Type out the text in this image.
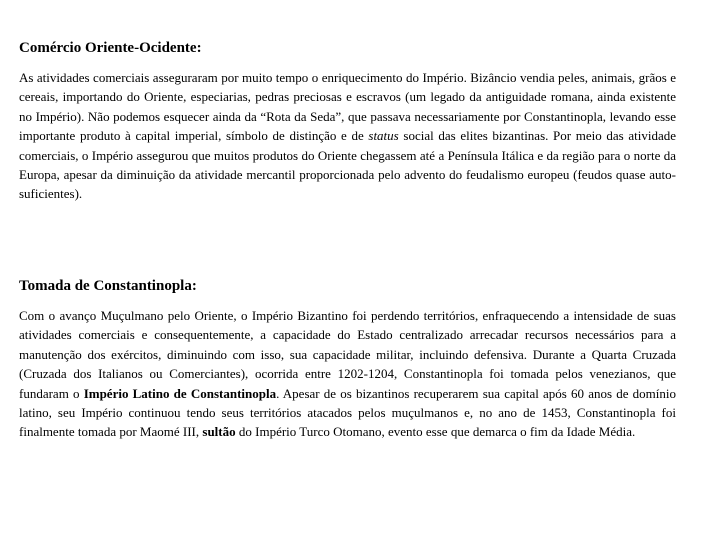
Comércio Oriente-Ocidente:

As atividades comerciais asseguraram por muito tempo o enriquecimento do Império. Bizâncio vendia peles, animais, grãos e cereais, importando do Oriente, especiarias, pedras preciosas e escravos (um legado da antiguidade romana, ainda existente no Império). Não podemos esquecer ainda da “Rota da Seda”, que passava necessariamente por Constantinopla, levando esse importante produto à capital imperial, símbolo de distinção e de status social das elites bizantinas. Por meio das atividade comerciais, o Império assegurou que muitos produtos do Oriente chegassem até a Península Itálica e da região para o norte da Europa, apesar da diminuição da atividade mercantil proporcionada pelo advento do feudalismo europeu (feudos quase auto-suficientes).

Tomada de Constantinopla:

Com o avanço Muçulmano pelo Oriente, o Império Bizantino foi perdendo territórios, enfraquecendo a intensidade de suas atividades comerciais e consequentemente, a capacidade do Estado centralizado arrecadar recursos necessários para a manutenção dos exércitos, diminuindo com isso, sua capacidade militar, incluindo defensiva. Durante a Quarta Cruzada (Cruzada dos Italianos ou Comerciantes), ocorrida entre 1202-1204, Constantinopla foi tomada pelos venezianos, que fundaram o Império Latino de Constantinopla. Apesar de os bizantinos recuperarem sua capital após 60 anos de domínio latino, seu Império continuou tendo seus territórios atacados pelos muçulmanos e, no ano de 1453, Constantinopla foi finalmente tomada por Maomé III, sultão do Império Turco Otomano, evento esse que demarca o fim da Idade Média.
